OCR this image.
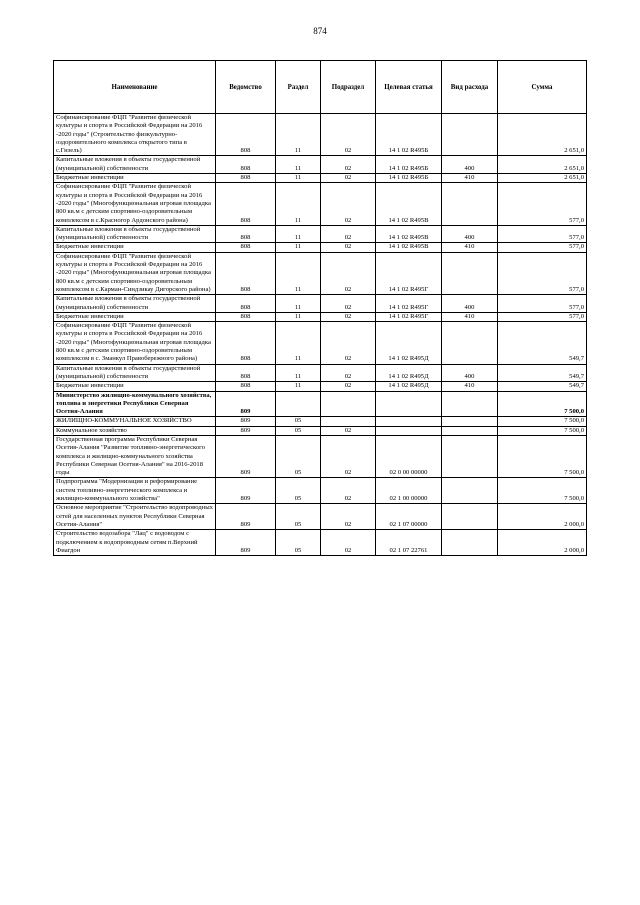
874
Наименование	Ведомство	Раздел	Подраздел	Целевая статья	Вид расхода	Сумма
Софинансирование ФЦП "Развитие физической культуры и спорта в Российской Федерации на 2016 -2020 годы" (Строительство физкультурно-оздоровительного комплекса открытого типа в с.Гизель)	808	11	02	14 1 02 R495Б		2 651,0
Капитальные вложения в объекты государственной (муниципальной) собственности	808	11	02	14 1 02 R495Б	400	2 651,0
Бюджетные инвестиции	808	11	02	14 1 02 R495Б	410	2 651,0
Софинансирование ФЦП "Развитие физической культуры и спорта в Российской Федерации на 2016 -2020 годы" (Многофункциональная игровая площадка 800 кв.м с детским спортивно-оздоровительным комплексом в с.Красногор Ардонского района)	808	11	02	14 1 02 R495В		577,0
Капитальные вложения в объекты государственной (муниципальной) собственности	808	11	02	14 1 02 R495В	400	577,0
Бюджетные инвестиции	808	11	02	14 1 02 R495В	410	577,0
Софинансирование ФЦП "Развитие физической культуры и спорта в Российской Федерации на 2016 -2020 годы" (Многофункциональная игровая площадка 800 кв.м с детским спортивно-оздоровительным комплексом в с.Карман-Синдзикау Дигорского района)	808	11	02	14 1 02 R495Г		577,0
Капитальные вложения в объекты государственной (муниципальной) собственности	808	11	02	14 1 02 R495Г	400	577,0
Бюджетные инвестиции	808	11	02	14 1 02 R495Г	410	577,0
Софинансирование ФЦП "Развитие физической культуры и спорта в Российской Федерации на 2016 -2020 годы" (Многофункциональная игровая площадка 800 кв.м с детским спортивно-оздоровительным комплексом в с. Зманкул Правобережного района)	808	11	02	14 1 02 R495Д		549,7
Капитальные вложения в объекты государственной (муниципальной) собственности	808	11	02	14 1 02 R495Д	400	549,7
Бюджетные инвестиции	808	11	02	14 1 02 R495Д	410	549,7
Министерство жилищно-коммунального хозяйства, топлива и энергетики Республики Северная Осетия-Алания	809					7 500,0
ЖИЛИЩНО-КОММУНАЛЬНОЕ ХОЗЯЙСТВО	809	05				7 500,0
Коммунальное хозяйство	809	05	02			7 500,0
Государственная программа Республики Северная Осетия-Алания "Развитие топливно-энергетического комплекса и жилищно-коммунального хозяйства Республики Северная Осетия-Алания" на 2016-2018 годы	809	05	02	02 0 00 00000		7 500,0
Подпрограмма "Модернизация и реформирование систем топливно-энергетического комплекса и жилищно-коммунального хозяйства"	809	05	02	02 1 00 00000		7 500,0
Основное мероприятие "Строительство водопроводных сетей для населенных пунктов Республики Северная Осетия-Алания"	809	05	02	02 1 07 00000		2 000,0
Строительство водозабора "Лац" с водоводом с подключением к водопроводным сетям п.Верхний Фиагдон	809	05	02	02 1 07 22761		2 000,0
